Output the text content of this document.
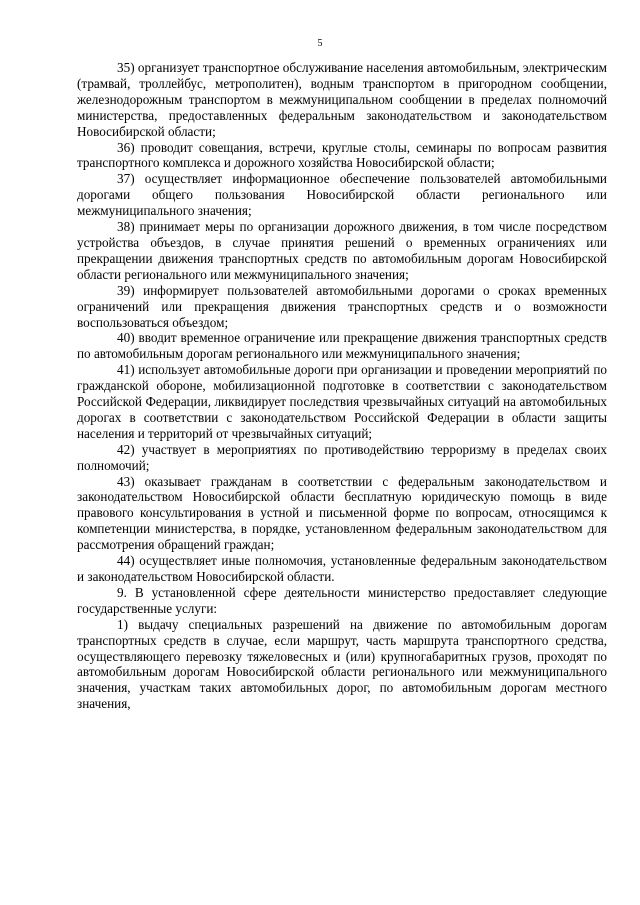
5

35) организует транспортное обслуживание населения автомобильным, электрическим (трамвай, троллейбус, метрополитен), водным транспортом в пригородном сообщении, железнодорожным транспортом в межмуниципальном сообщении в пределах полномочий министерства, предоставленных федеральным законодательством и законодательством Новосибирской области;

36) проводит совещания, встречи, круглые столы, семинары по вопросам развития транспортного комплекса и дорожного хозяйства Новосибирской области;

37) осуществляет информационное обеспечение пользователей автомобильными дорогами общего пользования Новосибирской области регионального или межмуниципального значения;

38) принимает меры по организации дорожного движения, в том числе посредством устройства объездов, в случае принятия решений о временных ограничениях или прекращении движения транспортных средств по автомобильным дорогам Новосибирской области регионального или межмуниципального значения;

39) информирует пользователей автомобильными дорогами о сроках временных ограничений или прекращения движения транспортных средств и о возможности воспользоваться объездом;

40) вводит временное ограничение или прекращение движения транспортных средств по автомобильным дорогам регионального или межмуниципального значения;

41) использует автомобильные дороги при организации и проведении мероприятий по гражданской обороне, мобилизационной подготовке в соответствии с законодательством Российской Федерации, ликвидирует последствия чрезвычайных ситуаций на автомобильных дорогах в соответствии с законодательством Российской Федерации в области защиты населения и территорий от чрезвычайных ситуаций;

42) участвует в мероприятиях по противодействию терроризму в пределах своих полномочий;

43) оказывает гражданам в соответствии с федеральным законодательством и законодательством Новосибирской области бесплатную юридическую помощь в виде правового консультирования в устной и письменной форме по вопросам, относящимся к компетенции министерства, в порядке, установленном федеральным законодательством для рассмотрения обращений граждан;

44) осуществляет иные полномочия, установленные федеральным законодательством и законодательством Новосибирской области.

9. В установленной сфере деятельности министерство предоставляет следующие государственные услуги:

1) выдачу специальных разрешений на движение по автомобильным дорогам транспортных средств в случае, если маршрут, часть маршрута транспортного средства, осуществляющего перевозку тяжеловесных и (или) крупногабаритных грузов, проходят по автомобильным дорогам Новосибирской области регионального или межмуниципального значения, участкам таких автомобильных дорог, по автомобильным дорогам местного значения,
